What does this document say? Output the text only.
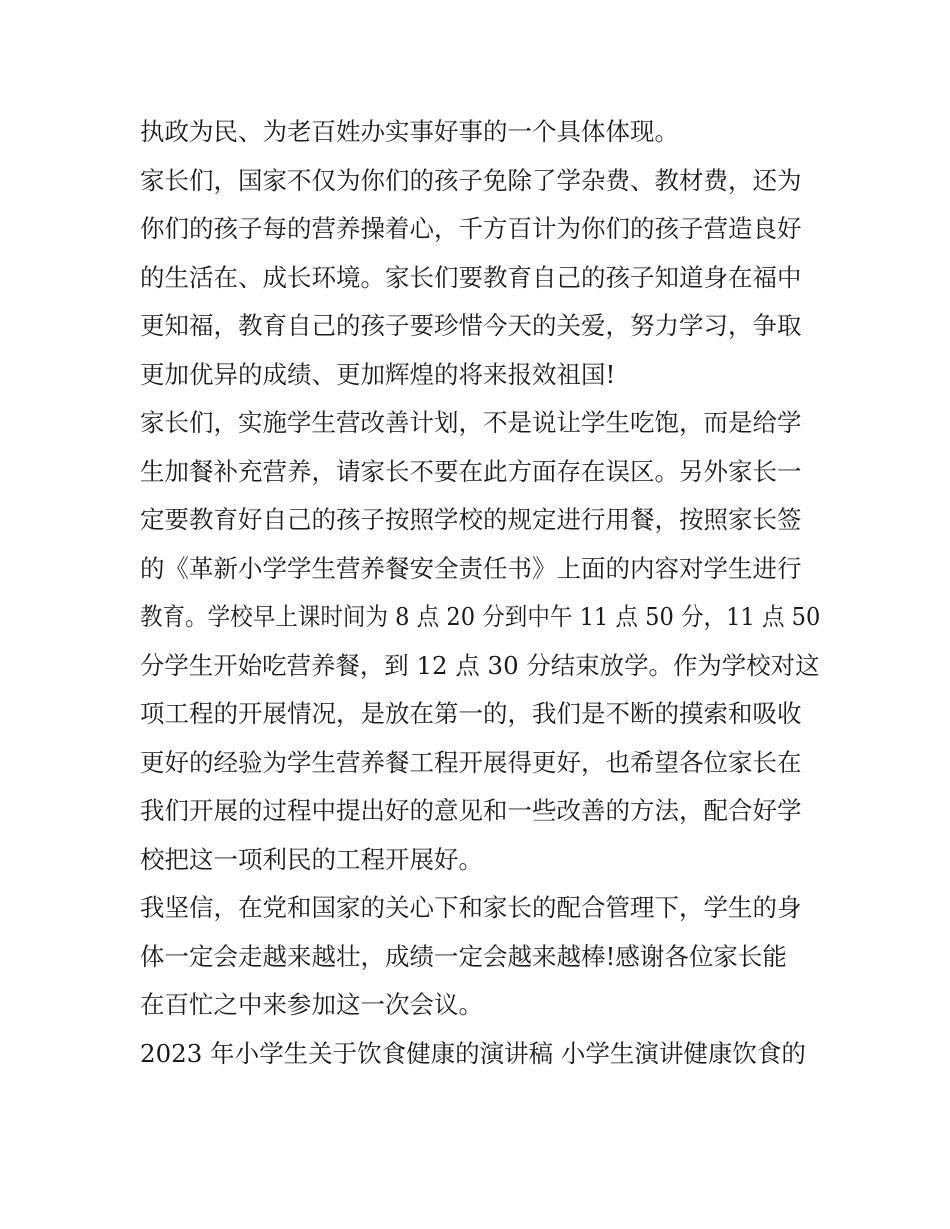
执政为民、为老百姓办实事好事的一个具体体现。

家长们，国家不仅为你们的孩子免除了学杂费、教材费，还为
你们的孩子每的营养操着心，千方百计为你们的孩子营造良好
的生活在、成长环境。家长们要教育自己的孩子知道身在福中
更知福，教育自己的孩子要珍惜今天的关爱，努力学习，争取
更加优异的成绩、更加辉煌的将来报效祖国!

家长们，实施学生营改善计划，不是说让学生吃饱，而是给学
生加餐补充营养，请家长不要在此方面存在误区。另外家长一
定要教育好自己的孩子按照学校的规定进行用餐，按照家长签
的《革新小学学生营养餐安全责任书》上面的内容对学生进行
教育。学校早上课时间为 8 点 20 分到中午 11 点 50 分，11 点 50
分学生开始吃营养餐，到 12 点 30 分结束放学。作为学校对这
项工程的开展情况，是放在第一的，我们是不断的摸索和吸收
更好的经验为学生营养餐工程开展得更好，也希望各位家长在
我们开展的过程中提出好的意见和一些改善的方法，配合好学
校把这一项利民的工程开展好。

我坚信，在党和国家的关心下和家长的配合管理下，学生的身
体一定会走越来越壮，成绩一定会越来越棒!感谢各位家长能
在百忙之中来参加这一次会议。

2023 年小学生关于饮食健康的演讲稿 小学生演讲健康饮食的
